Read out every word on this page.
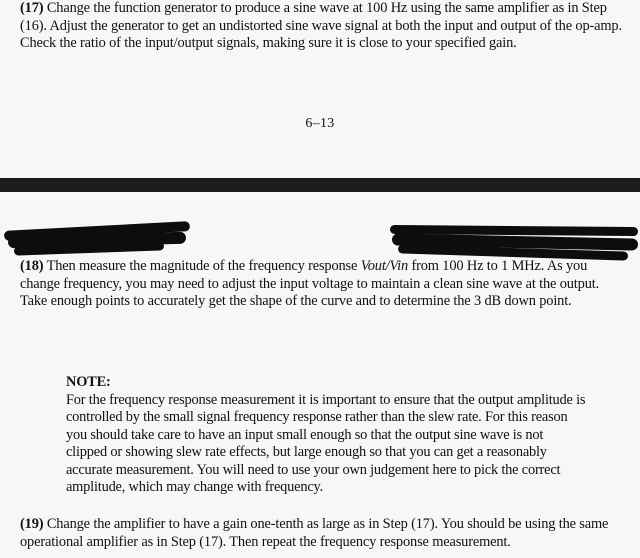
(17) Change the function generator to produce a sine wave at 100 Hz using the same amplifier as in Step (16). Adjust the generator to get an undistorted sine wave signal at both the input and output of the op-amp. Check the ratio of the input/output signals, making sure it is close to your specified gain.

6–13

(18) Then measure the magnitude of the frequency response Vout/Vin from 100 Hz to 1 MHz. As you change frequency, you may need to adjust the input voltage to maintain a clean sine wave at the output. Take enough points to accurately get the shape of the curve and to determine the 3 dB down point.

NOTE:
For the frequency response measurement it is important to ensure that the output amplitude is controlled by the small signal frequency response rather than the slew rate. For this reason you should take care to have an input small enough so that the output sine wave is not clipped or showing slew rate effects, but large enough so that you can get a reasonably accurate measurement. You will need to use your own judgement here to pick the correct amplitude, which may change with frequency.

(19) Change the amplifier to have a gain one-tenth as large as in Step (17). You should be using the same operational amplifier as in Step (17). Then repeat the frequency response measurement.
